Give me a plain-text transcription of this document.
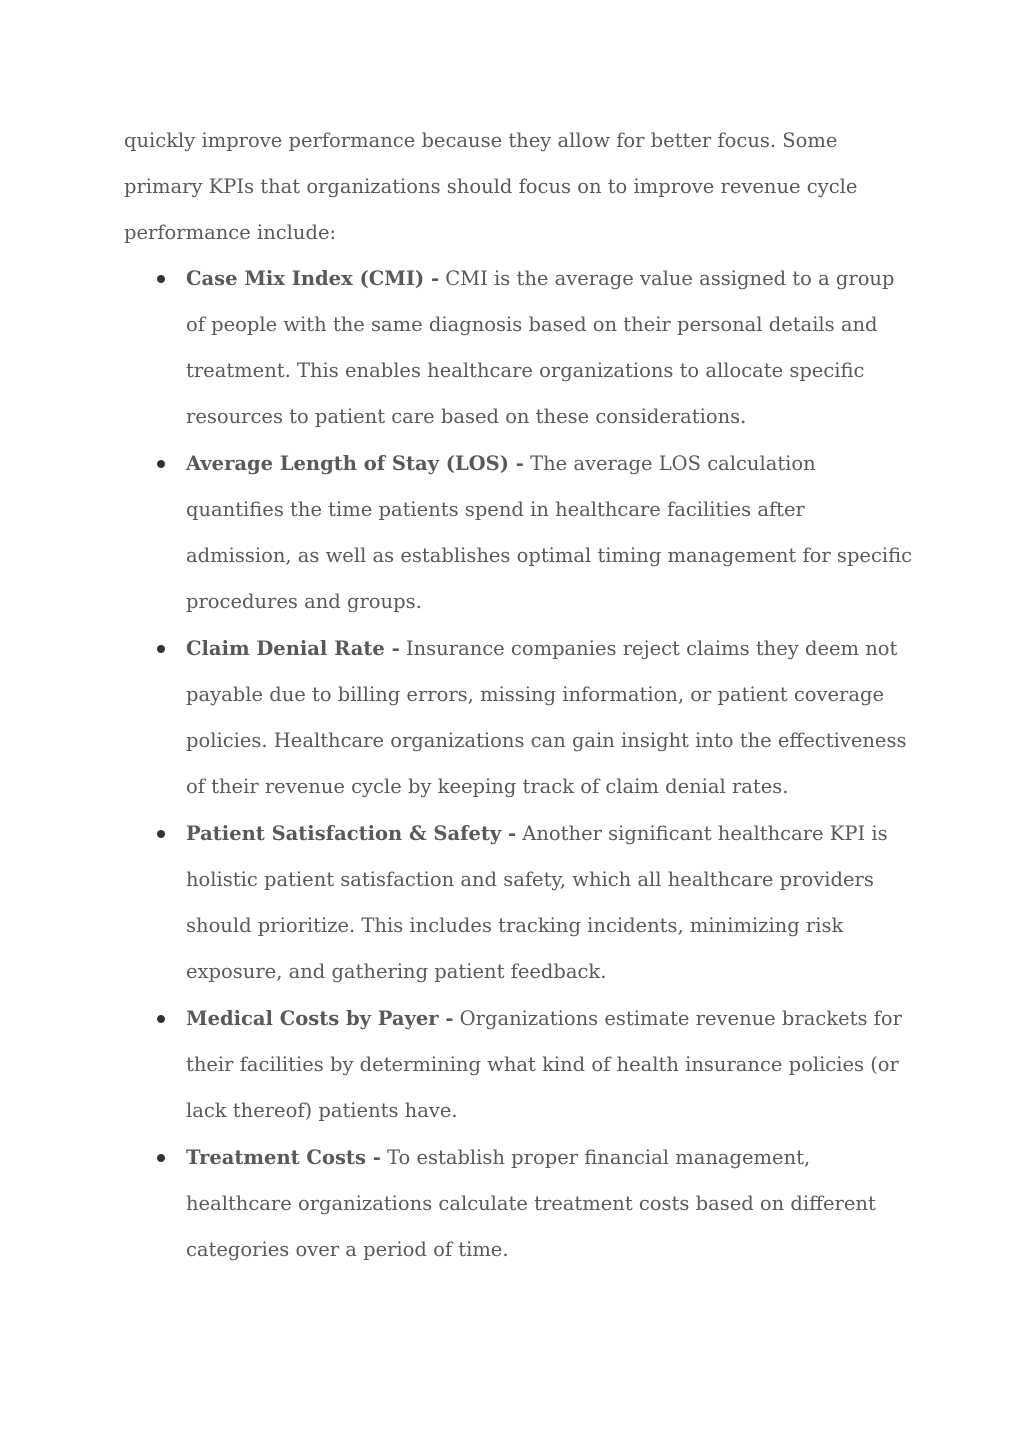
quickly improve performance because they allow for better focus. Some primary KPIs that organizations should focus on to improve revenue cycle performance include:

Case Mix Index (CMI) - CMI is the average value assigned to a group of people with the same diagnosis based on their personal details and treatment. This enables healthcare organizations to allocate specific resources to patient care based on these considerations.
Average Length of Stay (LOS) - The average LOS calculation quantifies the time patients spend in healthcare facilities after admission, as well as establishes optimal timing management for specific procedures and groups.
Claim Denial Rate - Insurance companies reject claims they deem not payable due to billing errors, missing information, or patient coverage policies. Healthcare organizations can gain insight into the effectiveness of their revenue cycle by keeping track of claim denial rates.
Patient Satisfaction & Safety - Another significant healthcare KPI is holistic patient satisfaction and safety, which all healthcare providers should prioritize. This includes tracking incidents, minimizing risk exposure, and gathering patient feedback.
Medical Costs by Payer - Organizations estimate revenue brackets for their facilities by determining what kind of health insurance policies (or lack thereof) patients have.
Treatment Costs - To establish proper financial management, healthcare organizations calculate treatment costs based on different categories over a period of time.
